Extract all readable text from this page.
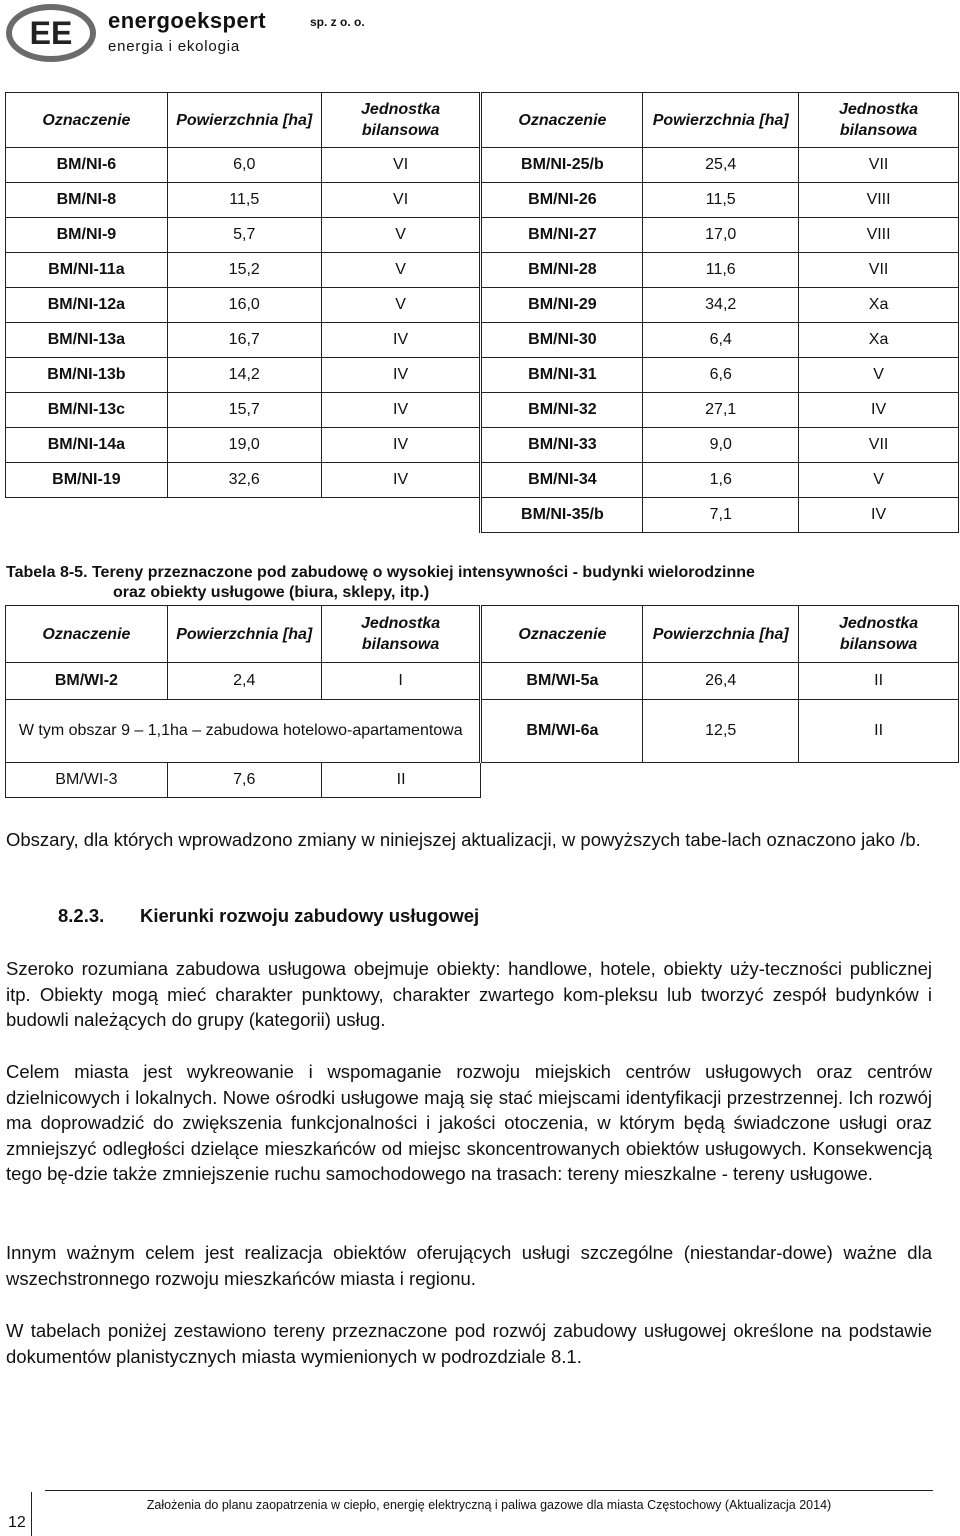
EE energoekspert	sp. z o. o.
energia i ekologia
Oznaczenie	Powierzchnia [ha]	Jednostka bilansowa	Oznaczenie	Powierzchnia [ha]	Jednostka bilansowa
BM/NI-6	6,0	VI	BM/NI-25/b	25,4	VII
BM/NI-8	11,5	VI	BM/NI-26	11,5	VIII
BM/NI-9	5,7	V	BM/NI-27	17,0	VIII
BM/NI-11a	15,2	V	BM/NI-28	11,6	VII
BM/NI-12a	16,0	V	BM/NI-29	34,2	Xa
BM/NI-13a	16,7	IV	BM/NI-30	6,4	Xa
BM/NI-13b	14,2	IV	BM/NI-31	6,6	V
BM/NI-13c	15,7	IV	BM/NI-32	27,1	IV
BM/NI-14a	19,0	IV	BM/NI-33	9,0	VII
BM/NI-19	32,6	IV	BM/NI-34	1,6	V
			BM/NI-35/b	7,1	IV
Tabela 8-5. Tereny przeznaczone pod zabudowę o wysokiej intensywności - budynki wielorodzinne
oraz obiekty usługowe (biura, sklepy, itp.)
Oznaczenie	Powierzchnia [ha]	Jednostka bilansowa	Oznaczenie	Powierzchnia [ha]	Jednostka bilansowa
BM/WI-2	2,4	I	BM/WI-5a	26,4	II
W tym obszar 9 – 1,1ha – zabudowa hotelowo-apartamentowa			BM/WI-6a	12,5	II
BM/WI-3	7,6	II			
Obszary, dla których wprowadzono zmiany w niniejszej aktualizacji, w powyższych tabe-lach oznaczono jako /b.
8.2.3. Kierunki rozwoju zabudowy usługowej
Szeroko rozumiana zabudowa usługowa obejmuje obiekty: handlowe, hotele, obiekty uży-teczności publicznej itp. Obiekty mogą mieć charakter punktowy, charakter zwartego kom-pleksu lub tworzyć zespół budynków i budowli należących do grupy (kategorii) usług.
Celem miasta jest wykreowanie i wspomaganie rozwoju miejskich centrów usługowych oraz centrów dzielnicowych i lokalnych. Nowe ośrodki usługowe mają się stać miejscami identyfikacji przestrzennej. Ich rozwój ma doprowadzić do zwiększenia funkcjonalności i jakości otoczenia, w którym będą świadczone usługi oraz zmniejszyć odległości dzielące mieszkańców od miejsc skoncentrowanych obiektów usługowych. Konsekwencją tego bę-dzie także zmniejszenie ruchu samochodowego na trasach: tereny mieszkalne - tereny usługowe.
Innym ważnym celem jest realizacja obiektów oferujących usługi szczególne (niestandar-dowe) ważne dla wszechstronnego rozwoju mieszkańców miasta i regionu.
W tabelach poniżej zestawiono tereny przeznaczone pod rozwój zabudowy usługowej określone na podstawie dokumentów planistycznych miasta wymienionych w podrozdziale 8.1.
Założenia do planu zaopatrzenia w ciepło, energię elektryczną i paliwa gazowe dla miasta Częstochowy (Aktualizacja 2014)
12
